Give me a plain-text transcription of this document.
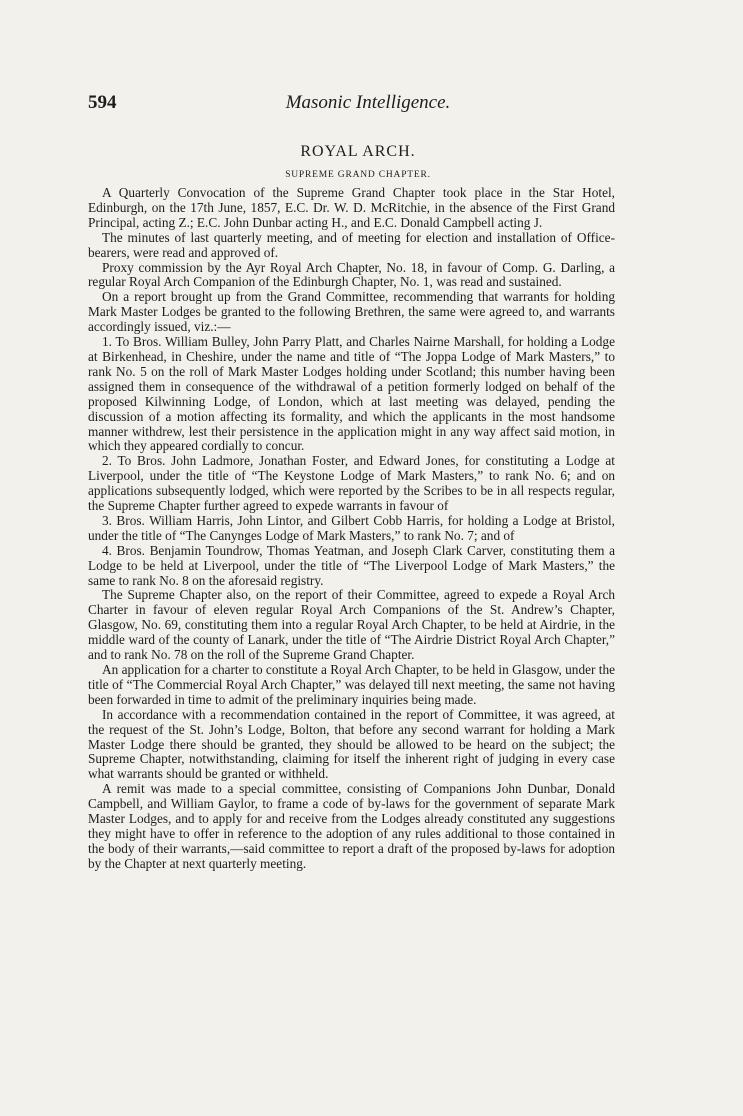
594	Masonic Intelligence.
ROYAL ARCH.
SUPREME GRAND CHAPTER.

A Quarterly Convocation of the Supreme Grand Chapter took place in the Star Hotel, Edinburgh, on the 17th June, 1857, E.C. Dr. W. D. McRitchie, in the absence of the First Grand Principal, acting Z.; E.C. John Dunbar acting H., and E.C. Donald Campbell acting J.

The minutes of last quarterly meeting, and of meeting for election and installation of Office-bearers, were read and approved of.

Proxy commission by the Ayr Royal Arch Chapter, No. 18, in favour of Comp. G. Darling, a regular Royal Arch Companion of the Edinburgh Chapter, No. 1, was read and sustained.

On a report brought up from the Grand Committee, recommending that warrants for holding Mark Master Lodges be granted to the following Brethren, the same were agreed to, and warrants accordingly issued, viz.:—

1. To Bros. William Bulley, John Parry Platt, and Charles Nairne Marshall, for holding a Lodge at Birkenhead, in Cheshire, under the name and title of “The Joppa Lodge of Mark Masters,” to rank No. 5 on the roll of Mark Master Lodges holding under Scotland; this number having been assigned them in consequence of the withdrawal of a petition formerly lodged on behalf of the proposed Kilwinning Lodge, of London, which at last meeting was delayed, pending the discussion of a motion affecting its formality, and which the applicants in the most handsome manner withdrew, lest their persistence in the application might in any way affect said motion, in which they appeared cordially to concur.

2. To Bros. John Ladmore, Jonathan Foster, and Edward Jones, for constituting a Lodge at Liverpool, under the title of “The Keystone Lodge of Mark Masters,” to rank No. 6; and on applications subsequently lodged, which were reported by the Scribes to be in all respects regular, the Supreme Chapter further agreed to expede warrants in favour of

3. Bros. William Harris, John Lintor, and Gilbert Cobb Harris, for holding a Lodge at Bristol, under the title of “The Canynges Lodge of Mark Masters,” to rank No. 7; and of

4. Bros. Benjamin Toundrow, Thomas Yeatman, and Joseph Clark Carver, constituting them a Lodge to be held at Liverpool, under the title of “The Liverpool Lodge of Mark Masters,” the same to rank No. 8 on the aforesaid registry.

The Supreme Chapter also, on the report of their Committee, agreed to expede a Royal Arch Charter in favour of eleven regular Royal Arch Companions of the St. Andrew’s Chapter, Glasgow, No. 69, constituting them into a regular Royal Arch Chapter, to be held at Airdrie, in the middle ward of the county of Lanark, under the title of “The Airdrie District Royal Arch Chapter,” and to rank No. 78 on the roll of the Supreme Grand Chapter.

An application for a charter to constitute a Royal Arch Chapter, to be held in Glasgow, under the title of “The Commercial Royal Arch Chapter,” was delayed till next meeting, the same not having been forwarded in time to admit of the preliminary inquiries being made.

In accordance with a recommendation contained in the report of Committee, it was agreed, at the request of the St. John’s Lodge, Bolton, that before any second warrant for holding a Mark Master Lodge there should be granted, they should be allowed to be heard on the subject; the Supreme Chapter, notwithstanding, claiming for itself the inherent right of judging in every case what warrants should be granted or withheld.

A remit was made to a special committee, consisting of Companions John Dunbar, Donald Campbell, and William Gaylor, to frame a code of by-laws for the government of separate Mark Master Lodges, and to apply for and receive from the Lodges already constituted any suggestions they might have to offer in reference to the adoption of any rules additional to those contained in the body of their warrants,—said committee to report a draft of the proposed by-laws for adoption by the Chapter at next quarterly meeting.
